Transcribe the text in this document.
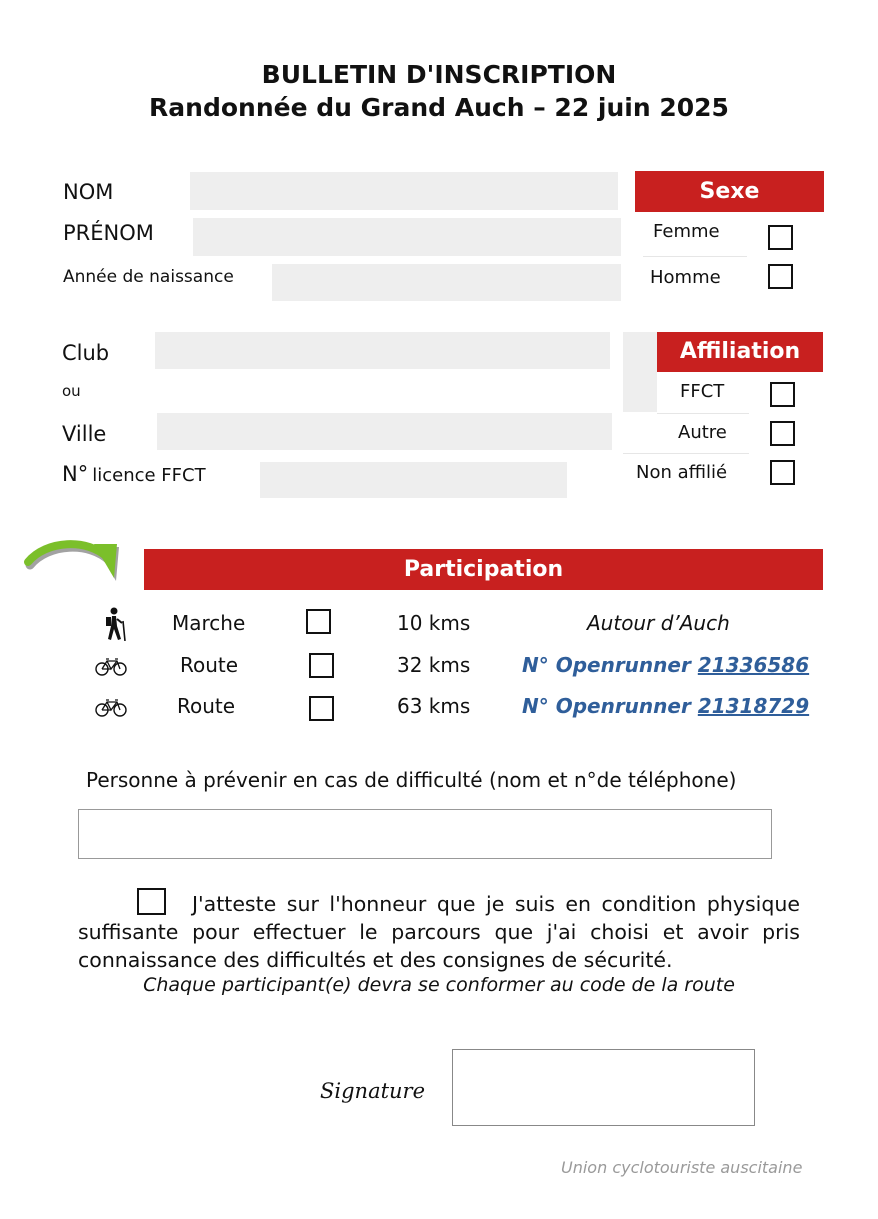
BULLETIN D'INSCRIPTION
Randonnée du Grand Auch – 22 juin 2025
NOM
PRÉNOM
Année de naissance
Sexe
Femme
Homme
Club
ou
Ville
N° licence FFCT
Affiliation
FFCT
Autre
Non affilié
Participation
Marche	10 kms	Autour d’Auch
Route	32 kms	N° Openrunner 21336586
Route	63 kms	N° Openrunner 21318729
Personne à prévenir en cas de difficulté (nom et n°de téléphone)
J'atteste sur l'honneur que je suis en condition physique suffisante pour effectuer le parcours que j'ai choisi et avoir pris connaissance des difficultés et des consignes de sécurité.
Chaque participant(e) devra se conformer au code de la route
Signature
Union cyclotouriste auscitaine
